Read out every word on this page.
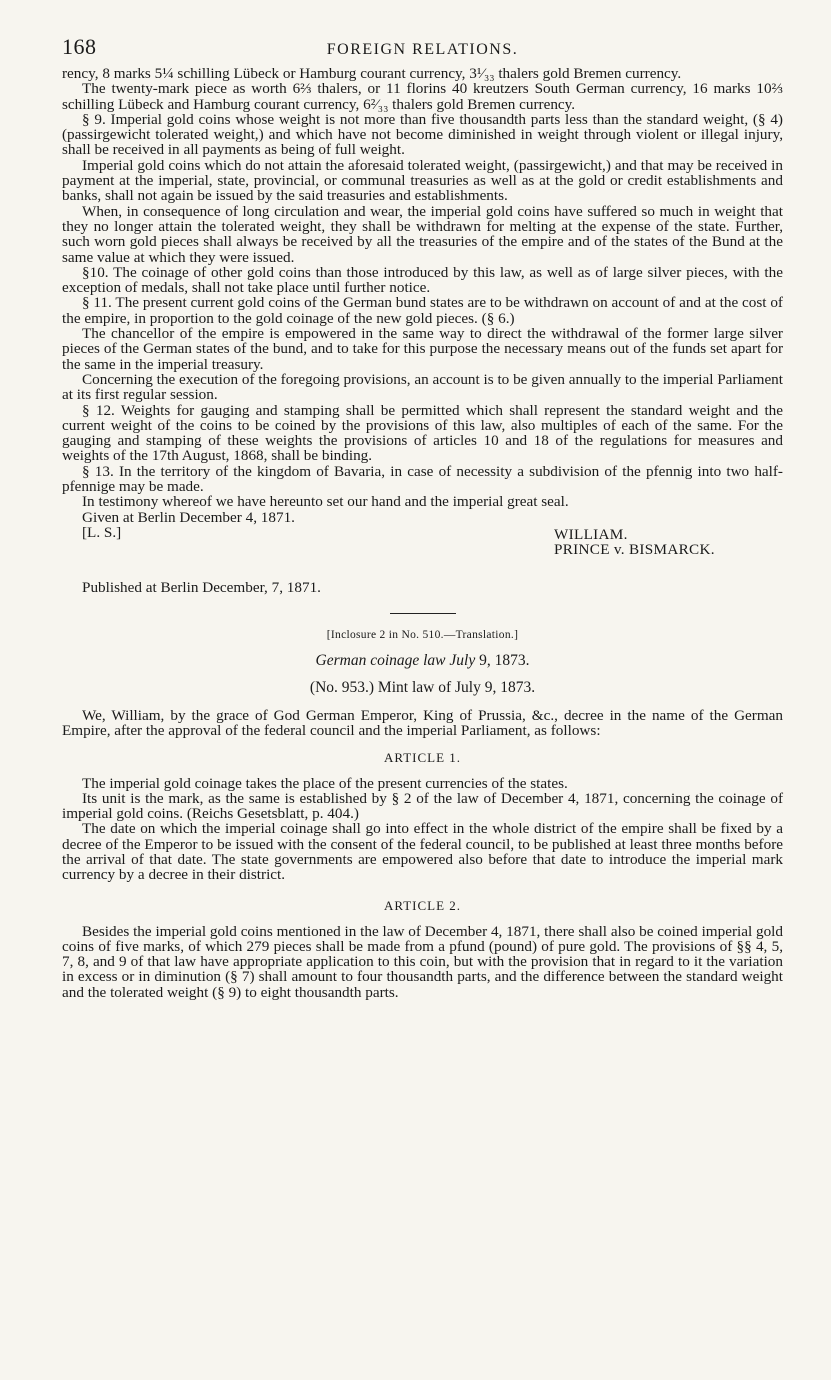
168	FOREIGN RELATIONS.

rency, 8 marks 5¼ schilling Lübeck or Hamburg courant currency, 3¹⁄₃₃ thalers gold Bremen currency.

The twenty-mark piece as worth 6⅔ thalers, or 11 florins 40 kreutzers South German currency, 16 marks 10⅔ schilling Lübeck and Hamburg courant currency, 6²⁄₃₃ thalers gold Bremen currency.

§ 9. Imperial gold coins whose weight is not more than five thousandth parts less than the standard weight, (§ 4) (passirgewicht tolerated weight,) and which have not become diminished in weight through violent or illegal injury, shall be received in all payments as being of full weight.

Imperial gold coins which do not attain the aforesaid tolerated weight, (passirgewicht,) and that may be received in payment at the imperial, state, provincial, or communal treasuries as well as at the gold or credit establishments and banks, shall not again be issued by the said treasuries and establishments.

When, in consequence of long circulation and wear, the imperial gold coins have suffered so much in weight that they no longer attain the tolerated weight, they shall be withdrawn for melting at the expense of the state. Further, such worn gold pieces shall always be received by all the treasuries of the empire and of the states of the Bund at the same value at which they were issued.

§10. The coinage of other gold coins than those introduced by this law, as well as of large silver pieces, with the exception of medals, shall not take place until further notice.

§ 11. The present current gold coins of the German bund states are to be withdrawn on account of and at the cost of the empire, in proportion to the gold coinage of the new gold pieces. (§ 6.)

The chancellor of the empire is empowered in the same way to direct the withdrawal of the former large silver pieces of the German states of the bund, and to take for this purpose the necessary means out of the funds set apart for the same in the imperial treasury.

Concerning the execution of the foregoing provisions, an account is to be given annually to the imperial Parliament at its first regular session.

§ 12. Weights for gauging and stamping shall be permitted which shall represent the standard weight and the current weight of the coins to be coined by the provisions of this law, also multiples of each of the same. For the gauging and stamping of these weights the provisions of articles 10 and 18 of the regulations for measures and weights of the 17th August, 1868, shall be binding.

§ 13. In the territory of the kingdom of Bavaria, in case of necessity a subdivision of the pfennig into two half-pfennige may be made.

In testimony whereof we have hereunto set our hand and the imperial great seal.

Given at Berlin December 4, 1871.

[L. S.]	WILLIAM.
PRINCE v. BISMARCK.
Published at Berlin December, 7, 1871.
[Inclosure 2 in No. 510.—Translation.]
German coinage law July 9, 1873.
(No. 953.) Mint law of July 9, 1873.

We, William, by the grace of God German Emperor, King of Prussia, &c., decree in the name of the German Empire, after the approval of the federal council and the imperial Parliament, as follows:

ARTICLE 1.

The imperial gold coinage takes the place of the present currencies of the states.

Its unit is the mark, as the same is established by § 2 of the law of December 4, 1871, concerning the coinage of imperial gold coins. (Reichs Gesetsblatt, p. 404.)

The date on which the imperial coinage shall go into effect in the whole district of the empire shall be fixed by a decree of the Emperor to be issued with the consent of the federal council, to be published at least three months before the arrival of that date. The state governments are empowered also before that date to introduce the imperial mark currency by a decree in their district.

ARTICLE 2.

Besides the imperial gold coins mentioned in the law of December 4, 1871, there shall also be coined imperial gold coins of five marks, of which 279 pieces shall be made from a pfund (pound) of pure gold. The provisions of §§ 4, 5, 7, 8, and 9 of that law have appropriate application to this coin, but with the provision that in regard to it the variation in excess or in diminution (§ 7) shall amount to four thousandth parts, and the difference between the standard weight and the tolerated weight (§ 9) to eight thousandth parts.
